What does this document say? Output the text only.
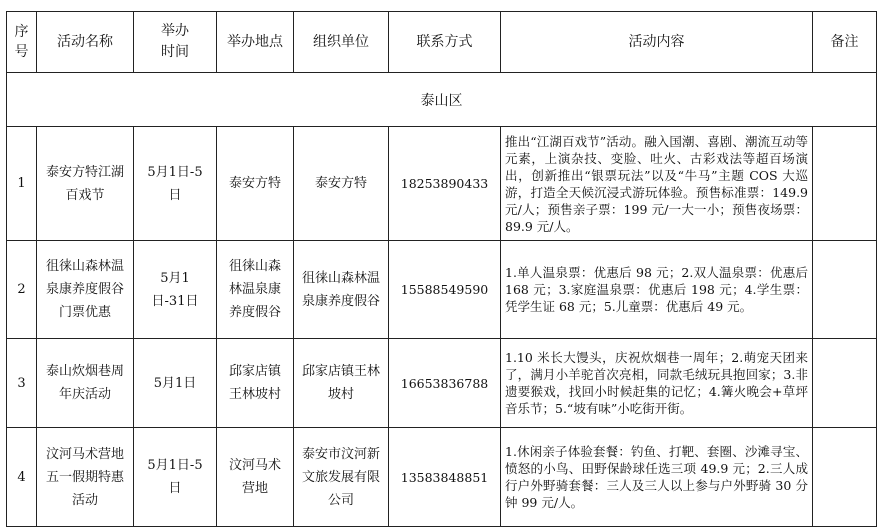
序号	活动名称	举办时间	举办地点	组织单位	联系方式	活动内容	备注
泰山区							
1	泰安方特江湖百戏节	5月1日-5日	泰安方特	泰安方特	18253890433	推出“江湖百戏节”活动。融入国潮、喜剧、潮流互动等元素，上演杂技、变脸、吐火、古彩戏法等超百场演出，创新推出“银票玩法”以及“牛马”主题 COS 大巡游，打造全天候沉浸式游玩体验。预售标准票：149.9 元/人；预售亲子票：199 元/一大一小；预售夜场票：89.9 元/人。	
2	徂徕山森林温泉康养度假谷门票优惠	5月1日-31日	徂徕山森林温泉康养度假谷	徂徕山森林温泉康养度假谷	15588549590	1.单人温泉票：优惠后 98 元；2.双人温泉票：优惠后 168 元；3.家庭温泉票：优惠后 198 元；4.学生票：凭学生证 68 元；5.儿童票：优惠后 49 元。	
3	泰山炊烟巷周年庆活动	5月1日	邱家店镇王林坡村	邱家店镇王林坡村	16653836788	1.10 米长大馒头，庆祝炊烟巷一周年；2.萌宠天团来了，满月小羊驼首次亮相，同款毛绒玩具抱回家；3.非遗要猴戏，找回小时候赶集的记忆；4.篝火晚会+草坪音乐节；5.“坡有味”小吃街开街。	
4	汶河马术营地五一假期特惠活动	5月1日-5日	汶河马术营地	泰安市汶河新文旅发展有限公司	13583848851	1.休闲亲子体验套餐：钓鱼、打靶、套圈、沙滩寻宝、愤怒的小鸟、田野保龄球任选三项 49.9 元；2.三人成行户外野骑套餐：三人及三人以上参与户外野骑 30 分钟 99 元/人。	
